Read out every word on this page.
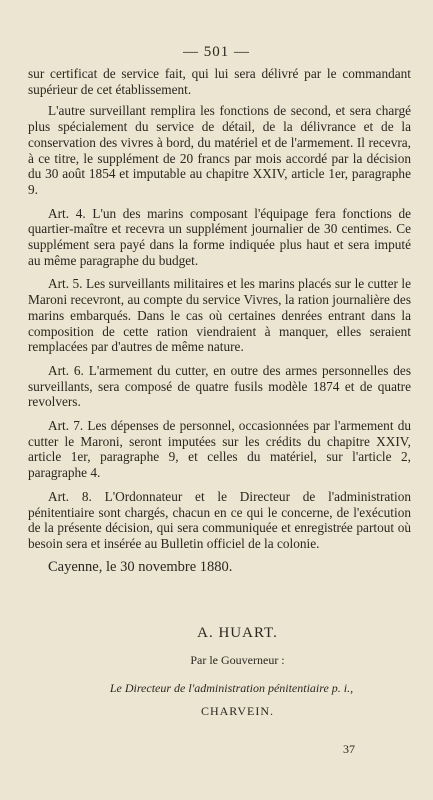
— 501 —

sur certificat de service fait, qui lui sera délivré par le commandant supérieur de cet établissement.

L'autre surveillant remplira les fonctions de second, et sera chargé plus spécialement du service de détail, de la délivrance et de la conservation des vivres à bord, du matériel et de l'armement. Il recevra, à ce titre, le supplément de 20 francs par mois accordé par la décision du 30 août 1854 et imputable au chapitre XXIV, article 1er, paragraphe 9.

Art. 4. L'un des marins composant l'équipage fera fonctions de quartier-maître et recevra un supplément journalier de 30 centimes. Ce supplément sera payé dans la forme indiquée plus haut et sera imputé au même paragraphe du budget.

Art. 5. Les surveillants militaires et les marins placés sur le cutter le Maroni recevront, au compte du service Vivres, la ration journalière des marins embarqués. Dans le cas où certaines denrées entrant dans la composition de cette ration viendraient à manquer, elles seraient remplacées par d'autres de même nature.

Art. 6. L'armement du cutter, en outre des armes personnelles des surveillants, sera composé de quatre fusils modèle 1874 et de quatre revolvers.

Art. 7. Les dépenses de personnel, occasionnées par l'armement du cutter le Maroni, seront imputées sur les crédits du chapitre XXIV, article 1er, paragraphe 9, et celles du matériel, sur l'article 2, paragraphe 4.

Art. 8. L'Ordonnateur et le Directeur de l'administration pénitentiaire sont chargés, chacun en ce qui le concerne, de l'exécution de la présente décision, qui sera communiquée et enregistrée partout où besoin sera et insérée au Bulletin officiel de la colonie.

Cayenne, le 30 novembre 1880.

A. HUART.
Par le Gouverneur :
Le Directeur de l'administration pénitentiaire p. i.,
CHARVEIN.
37
